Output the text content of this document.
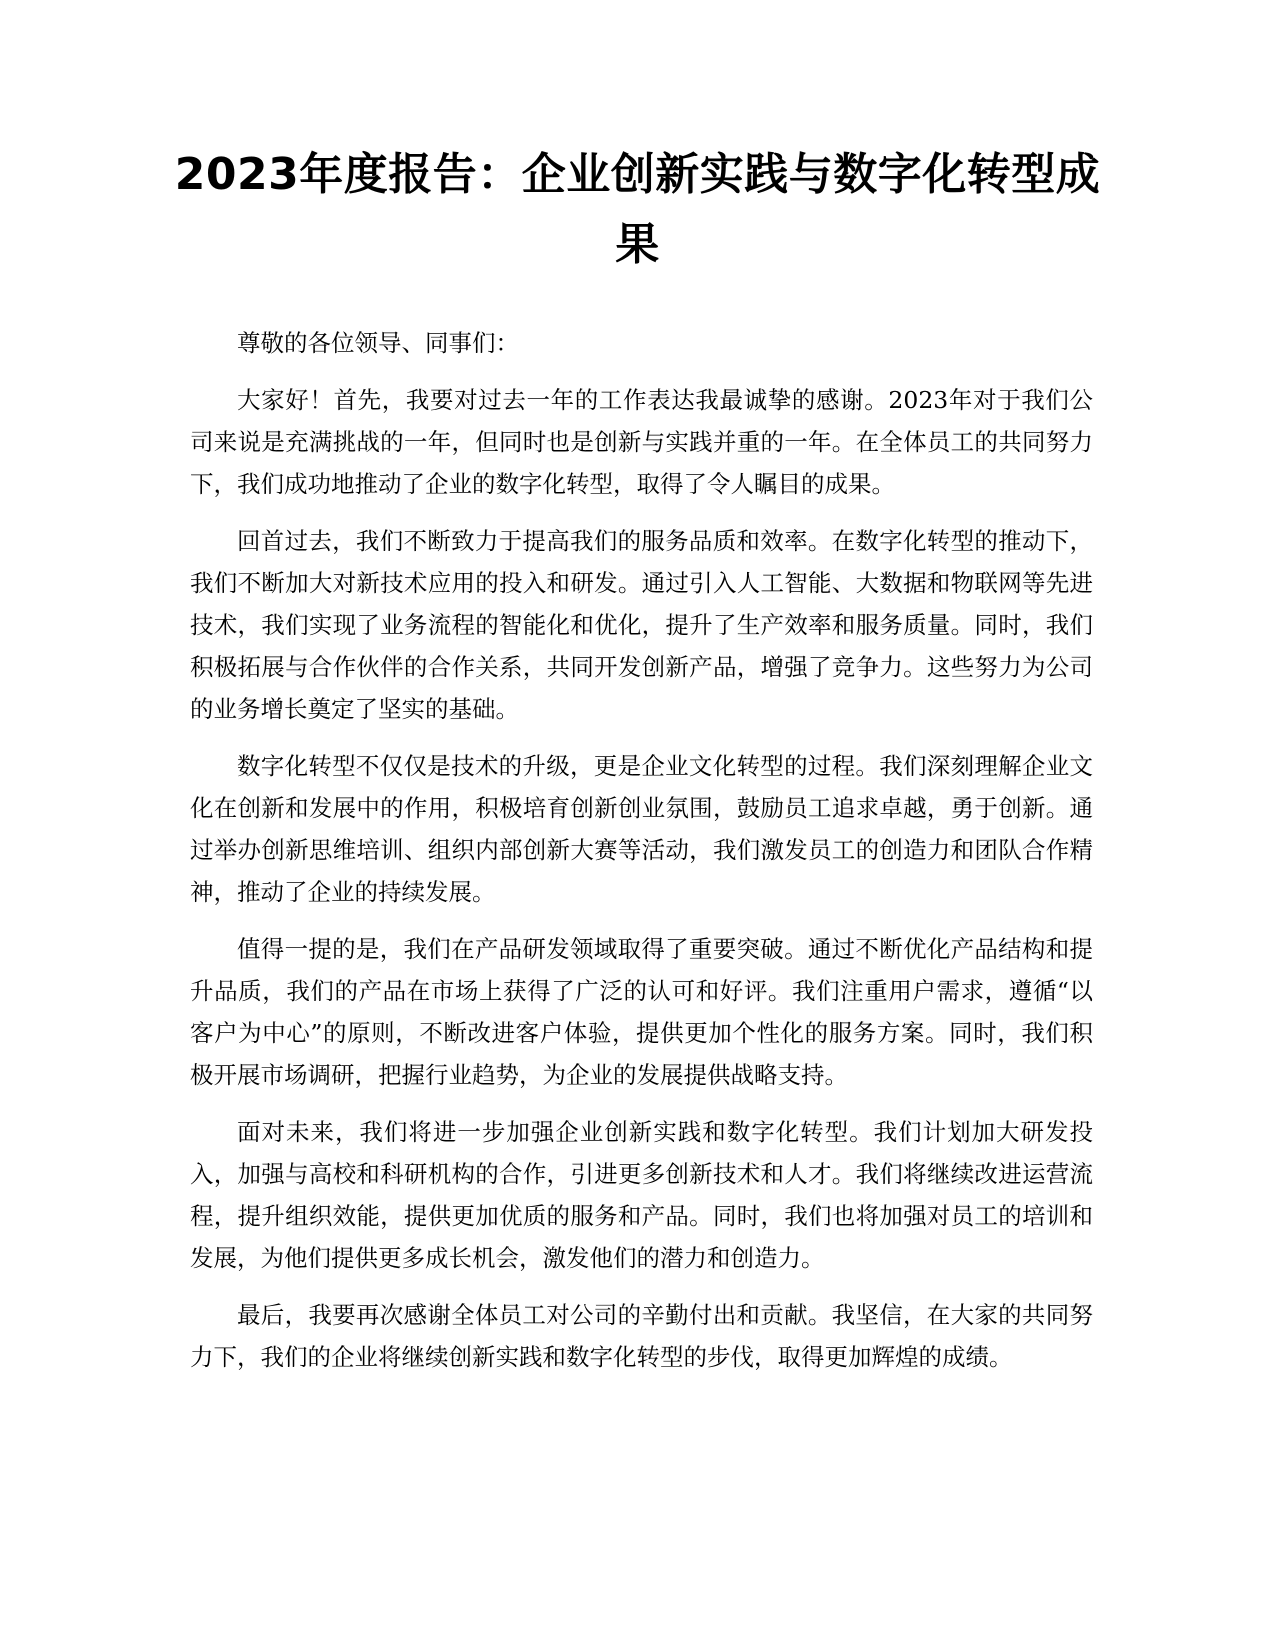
2023年度报告：企业创新实践与数字化转型成果

尊敬的各位领导、同事们：

大家好！首先，我要对过去一年的工作表达我最诚挚的感谢。2023年对于我们公司来说是充满挑战的一年，但同时也是创新与实践并重的一年。在全体员工的共同努力下，我们成功地推动了企业的数字化转型，取得了令人瞩目的成果。

回首过去，我们不断致力于提高我们的服务品质和效率。在数字化转型的推动下，我们不断加大对新技术应用的投入和研发。通过引入人工智能、大数据和物联网等先进技术，我们实现了业务流程的智能化和优化，提升了生产效率和服务质量。同时，我们积极拓展与合作伙伴的合作关系，共同开发创新产品，增强了竞争力。这些努力为公司的业务增长奠定了坚实的基础。

数字化转型不仅仅是技术的升级，更是企业文化转型的过程。我们深刻理解企业文化在创新和发展中的作用，积极培育创新创业氛围，鼓励员工追求卓越，勇于创新。通过举办创新思维培训、组织内部创新大赛等活动，我们激发员工的创造力和团队合作精神，推动了企业的持续发展。

值得一提的是，我们在产品研发领域取得了重要突破。通过不断优化产品结构和提升品质，我们的产品在市场上获得了广泛的认可和好评。我们注重用户需求，遵循“以客户为中心”的原则，不断改进客户体验，提供更加个性化的服务方案。同时，我们积极开展市场调研，把握行业趋势，为企业的发展提供战略支持。

面对未来，我们将进一步加强企业创新实践和数字化转型。我们计划加大研发投入，加强与高校和科研机构的合作，引进更多创新技术和人才。我们将继续改进运营流程，提升组织效能，提供更加优质的服务和产品。同时，我们也将加强对员工的培训和发展，为他们提供更多成长机会，激发他们的潜力和创造力。

最后，我要再次感谢全体员工对公司的辛勤付出和贡献。我坚信，在大家的共同努力下，我们的企业将继续创新实践和数字化转型的步伐，取得更加辉煌的成绩。
